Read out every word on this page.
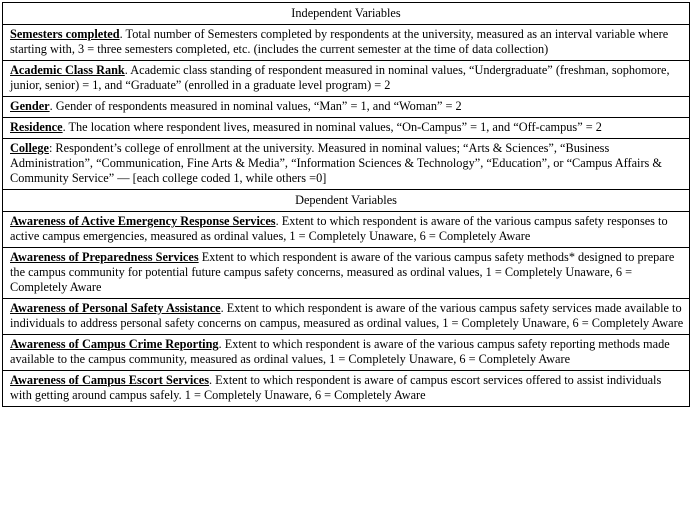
Independent Variables
Semesters completed. Total number of Semesters completed by respondents at the university, measured as an interval variable where starting with, 3 = three semesters completed, etc. (includes the current semester at the time of data collection)
Academic Class Rank. Academic class standing of respondent measured in nominal values, “Undergraduate” (freshman, sophomore, junior, senior) = 1, and “Graduate” (enrolled in a graduate level program) = 2
Gender. Gender of respondents measured in nominal values, “Man” = 1, and “Woman” = 2
Residence. The location where respondent lives, measured in nominal values, “On-Campus” = 1, and “Off-campus” = 2
College: Respondent’s college of enrollment at the university. Measured in nominal values; “Arts & Sciences”, “Business Administration”, “Communication, Fine Arts & Media”, “Information Sciences & Technology”, “Education”, or “Campus Affairs & Community Service” — [each college coded 1, while others =0]
Dependent Variables
Awareness of Active Emergency Response Services. Extent to which respondent is aware of the various campus safety responses to active campus emergencies, measured as ordinal values, 1 = Completely Unaware, 6 = Completely Aware
Awareness of Preparedness Services Extent to which respondent is aware of the various campus safety methods* designed to prepare the campus community for potential future campus safety concerns, measured as ordinal values, 1 = Completely Unaware, 6 = Completely Aware
Awareness of Personal Safety Assistance. Extent to which respondent is aware of the various campus safety services made available to individuals to address personal safety concerns on campus, measured as ordinal values, 1 = Completely Unaware, 6 = Completely Aware
Awareness of Campus Crime Reporting. Extent to which respondent is aware of the various campus safety reporting methods made available to the campus community, measured as ordinal values, 1 = Completely Unaware, 6 = Completely Aware
Awareness of Campus Escort Services. Extent to which respondent is aware of campus escort services offered to assist individuals with getting around campus safely. 1 = Completely Unaware, 6 = Completely Aware
